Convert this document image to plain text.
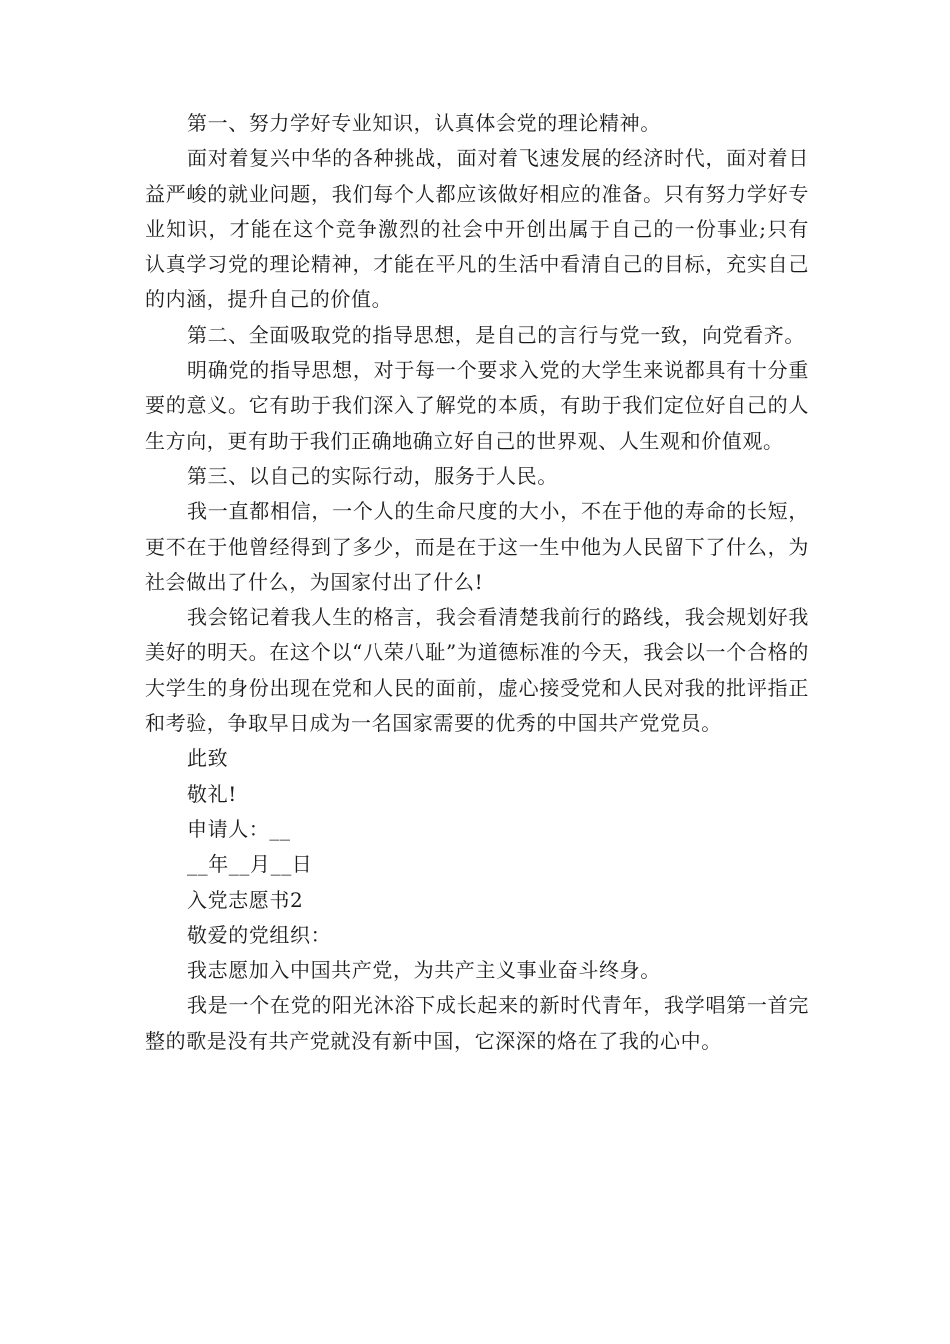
第一、努力学好专业知识，认真体会党的理论精神。

面对着复兴中华的各种挑战，面对着飞速发展的经济时代，面对着日益严峻的就业问题，我们每个人都应该做好相应的准备。只有努力学好专业知识，才能在这个竞争激烈的社会中开创出属于自己的一份事业;只有认真学习党的理论精神，才能在平凡的生活中看清自己的目标，充实自己的内涵，提升自己的价值。

第二、全面吸取党的指导思想，是自己的言行与党一致，向党看齐。

明确党的指导思想，对于每一个要求入党的大学生来说都具有十分重要的意义。它有助于我们深入了解党的本质，有助于我们定位好自己的人生方向，更有助于我们正确地确立好自己的世界观、人生观和价值观。

第三、以自己的实际行动，服务于人民。

我一直都相信，一个人的生命尺度的大小，不在于他的寿命的长短，更不在于他曾经得到了多少，而是在于这一生中他为人民留下了什么，为社会做出了什么，为国家付出了什么!

我会铭记着我人生的格言，我会看清楚我前行的路线，我会规划好我美好的明天。在这个以“八荣八耻”为道德标准的今天，我会以一个合格的大学生的身份出现在党和人民的面前，虚心接受党和人民对我的批评指正和考验，争取早日成为一名国家需要的优秀的中国共产党党员。

此致

敬礼!

申请人：__

__年__月__日

入党志愿书2

敬爱的党组织：

我志愿加入中国共产党，为共产主义事业奋斗终身。

我是一个在党的阳光沐浴下成长起来的新时代青年，我学唱第一首完整的歌是没有共产党就没有新中国，它深深的烙在了我的心中。
